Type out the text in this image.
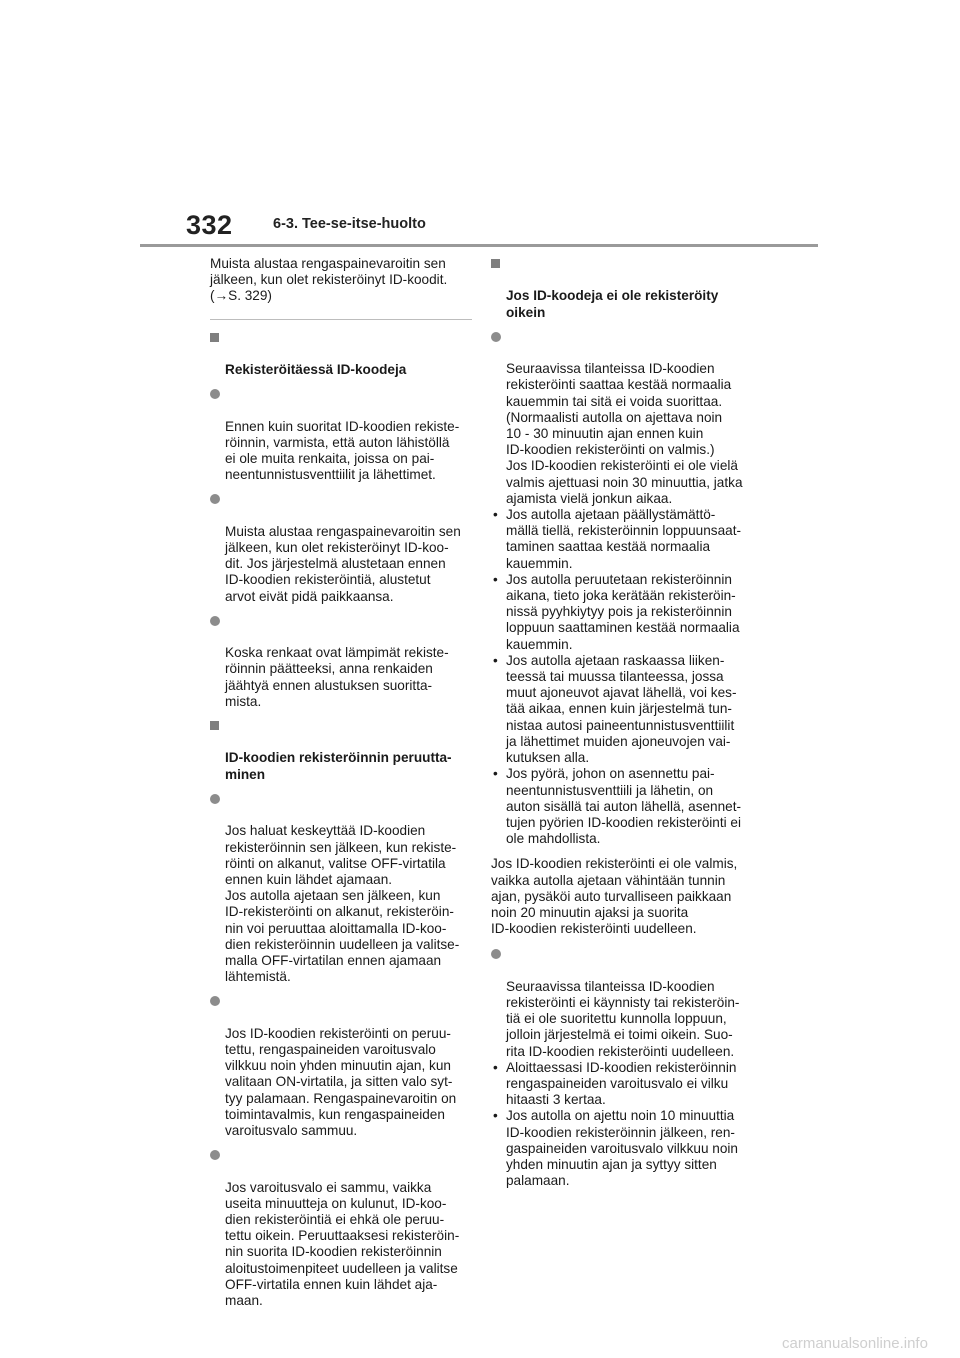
332	6-3. Tee-se-itse-huolto

Muista alustaa rengaspainevaroitin sen
jälkeen, kun olet rekisteröinyt ID-koodit.
(→S. 329)

Rekisteröitäessä ID-koodeja

Ennen kuin suoritat ID-koodien rekiste-
röinnin, varmista, että auton lähistöllä
ei ole muita renkaita, joissa on pai-
neentunnistusventtiilit ja lähettimet.

Muista alustaa rengaspainevaroitin sen
jälkeen, kun olet rekisteröinyt ID-koo-
dit. Jos järjestelmä alustetaan ennen
ID-koodien rekisteröintiä, alustetut
arvot eivät pidä paikkaansa.

Koska renkaat ovat lämpimät rekiste-
röinnin päätteeksi, anna renkaiden
jäähtyä ennen alustuksen suoritta-
mista.

ID-koodien rekisteröinnin peruutta-
minen

Jos haluat keskeyttää ID-koodien
rekisteröinnin sen jälkeen, kun rekiste-
röinti on alkanut, valitse OFF-virtatila
ennen kuin lähdet ajamaan.
Jos autolla ajetaan sen jälkeen, kun
ID-rekisteröinti on alkanut, rekisteröin-
nin voi peruuttaa aloittamalla ID-koo-
dien rekisteröinnin uudelleen ja valitse-
malla OFF-virtatilan ennen ajamaan
lähtemistä.

Jos ID-koodien rekisteröinti on peruu-
tettu, rengaspaineiden varoitusvalo
vilkkuu noin yhden minuutin ajan, kun
valitaan ON-virtatila, ja sitten valo syt-
tyy palamaan. Rengaspainevaroitin on
toimintavalmis, kun rengaspaineiden
varoitusvalo sammuu.

Jos varoitusvalo ei sammu, vaikka
useita minuutteja on kulunut, ID-koo-
dien rekisteröintiä ei ehkä ole peruu-
tettu oikein. Peruuttaaksesi rekisteröin-
nin suorita ID-koodien rekisteröinnin
aloitustoimenpiteet uudelleen ja valitse
OFF-virtatila ennen kuin lähdet aja-
maan.

Jos ID-koodeja ei ole rekisteröity
oikein

Seuraavissa tilanteissa ID-koodien
rekisteröinti saattaa kestää normaalia
kauemmin tai sitä ei voida suorittaa.
(Normaalisti autolla on ajettava noin
10 - 30 minuutin ajan ennen kuin
ID-koodien rekisteröinti on valmis.)
Jos ID-koodien rekisteröinti ei ole vielä
valmis ajettuasi noin 30 minuuttia, jatka
ajamista vielä jonkun aikaa.

• Jos autolla ajetaan päällystämättö-
mällä tiellä, rekisteröinnin loppuunsaat-
taminen saattaa kestää normaalia
kauemmin.
• Jos autolla peruutetaan rekisteröinnin
aikana, tieto joka kerätään rekisteröin-
nissä pyyhkiytyy pois ja rekisteröinnin
loppuun saattaminen kestää normaalia
kauemmin.
• Jos autolla ajetaan raskaassa liiken-
teessä tai muussa tilanteessa, jossa
muut ajoneuvot ajavat lähellä, voi kes-
tää aikaa, ennen kuin järjestelmä tun-
nistaa autosi paineentunnistusventtiilit
ja lähettimet muiden ajoneuvojen vai-
kutuksen alla.
• Jos pyörä, johon on asennettu pai-
neentunnistusventtiili ja lähetin, on
auton sisällä tai auton lähellä, asennet-
tujen pyörien ID-koodien rekisteröinti ei
ole mahdollista.

Jos ID-koodien rekisteröinti ei ole valmis,
vaikka autolla ajetaan vähintään tunnin
ajan, pysäköi auto turvalliseen paikkaan
noin 20 minuutin ajaksi ja suorita
ID-koodien rekisteröinti uudelleen.

Seuraavissa tilanteissa ID-koodien
rekisteröinti ei käynnisty tai rekisteröin-
tiä ei ole suoritettu kunnolla loppuun,
jolloin järjestelmä ei toimi oikein. Suo-
rita ID-koodien rekisteröinti uudelleen.

• Aloittaessasi ID-koodien rekisteröinnin
rengaspaineiden varoitusvalo ei vilku
hitaasti 3 kertaa.
• Jos autolla on ajettu noin 10 minuuttia
ID-koodien rekisteröinnin jälkeen, ren-
gaspaineiden varoitusvalo vilkkuu noin
yhden minuutin ajan ja syttyy sitten
palamaan.
carmanualsonline.info
